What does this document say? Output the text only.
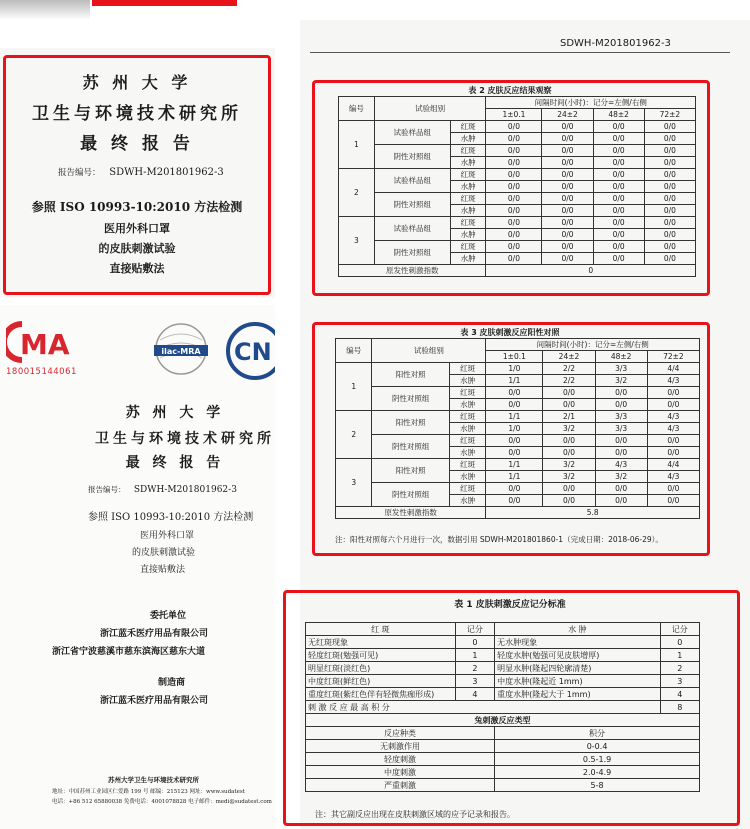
苏 州 大 学
卫生与环境技术研究所
最 终 报 告
报告编号： SDWH-M201801962-3
参照 ISO 10993-10:2010 方法检测
医用外科口罩
的皮肤刺激试验
直接贴敷法
MA
180015144061
ilac-MRA CN
苏 州 大 学
卫生与环境技术研究所
最 终 报 告
报告编号： SDWH-M201801962-3
参照 ISO 10993-10:2010 方法检测
医用外科口罩
的皮肤刺激试验
直接贴敷法
委托单位
浙江蓝禾医疗用品有限公司
浙江省宁波慈溪市慈东滨海区慈东大道
制造商
浙江蓝禾医疗用品有限公司
苏州大学卫生与环境技术研究所
地址：中国苏州工业园区仁爱路 199 号 邮编：215123 网址：www.sudatest
电话：+86 512 65880038 免费电话：4001078828 电子邮件：medi@sudatest.com
SDWH-M201801962-3
表 2 皮肤反应结果观察
编号	试验组别		间隔时间(小时)：记分=左侧/右侧			
			1±0.1	24±2	48±2	72±2
1	试验样品组	红斑	0/0	0/0	0/0	0/0
		水肿	0/0	0/0	0/0	0/0
	阴性对照组	红斑	0/0	0/0	0/0	0/0
		水肿	0/0	0/0	0/0	0/0
2	试验样品组	红斑	0/0	0/0	0/0	0/0
		水肿	0/0	0/0	0/0	0/0
	阴性对照组	红斑	0/0	0/0	0/0	0/0
		水肿	0/0	0/0	0/0	0/0
3	试验样品组	红斑	0/0	0/0	0/0	0/0
		水肿	0/0	0/0	0/0	0/0
	阴性对照组	红斑	0/0	0/0	0/0	0/0
		水肿	0/0	0/0	0/0	0/0
原发性刺激指数			0			
表 3 皮肤刺激反应阳性对照
编号	试验组别		间隔时间(小时)：记分=左侧/右侧			
			1±0.1	24±2	48±2	72±2
1	阳性对照	红斑	1/0	2/2	3/3	4/4
		水肿	1/1	2/2	3/2	4/3
	阴性对照组	红斑	0/0	0/0	0/0	0/0
		水肿	0/0	0/0	0/0	0/0
2	阳性对照	红斑	1/1	2/1	3/3	4/3
		水肿	1/0	3/2	3/3	4/3
	阴性对照组	红斑	0/0	0/0	0/0	0/0
		水肿	0/0	0/0	0/0	0/0
3	阳性对照	红斑	1/1	3/2	4/3	4/4
		水肿	1/1	3/2	3/2	4/3
	阴性对照组	红斑	0/0	0/0	0/0	0/0
		水肿	0/0	0/0	0/0	0/0
原发性刺激指数			5.8			
注：阳性对照每六个月进行一次，数据引用 SDWH-M201801860-1（完成日期：2018-06-29）。
表 1 皮肤刺激反应记分标准
红 斑	记分	水 肿	记分
无红斑现象	0	无水肿现象	0
轻度红斑(勉强可见)	1	轻度水肿(勉强可见皮肤增厚)	1
明显红斑(淡红色)	2	明显水肿(隆起四轮廓清楚)	2
中度红斑(鲜红色)	3	中度水肿(隆起近 1mm)	3
重度红斑(紫红色伴有轻微焦痂形成)	4	重度水肿(隆起大于 1mm)	4
刺 激 反 应 最 高 积 分			8
兔刺激反应类型			
反应种类		积分	
无刺激作用		0-0.4	
轻度刺激		0.5-1.9	
中度刺激		2.0-4.9	
严重刺激		5-8	
注：其它副反应出现在皮肤刺激区域的应予记录和报告。
